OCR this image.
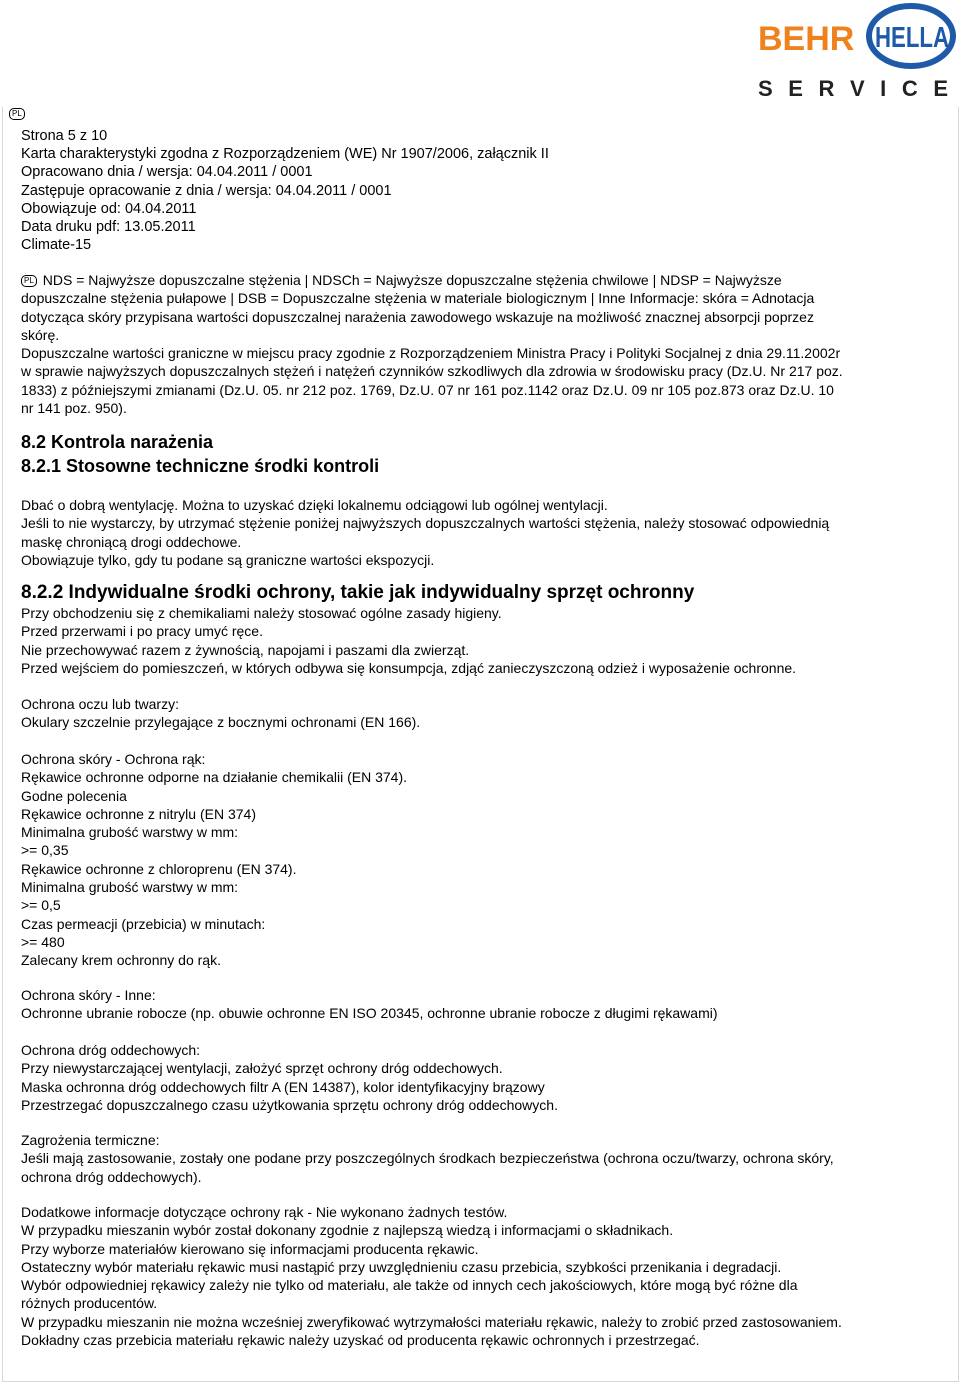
BEHR HELLA
S E R V I C E
PL
Strona 5 z 10
Karta charakterystyki zgodna z Rozporządzeniem (WE) Nr 1907/2006, załącznik II
Opracowano dnia / wersja: 04.04.2011 / 0001
Zastępuje opracowanie z dnia / wersja: 04.04.2011 / 0001
Obowiązuje od: 04.04.2011
Data druku pdf: 13.05.2011
Climate-15
PL NDS = Najwyższe dopuszczalne stężenia | NDSCh = Najwyższe dopuszczalne stężenia chwilowe | NDSP = Najwyższe
dopuszczalne stężenia pułapowe | DSB = Dopuszczalne stężenia w materiale biologicznym | Inne Informacje: skóra = Adnotacja
dotycząca skóry przypisana wartości dopuszczalnej narażenia zawodowego wskazuje na możliwość znacznej absorpcji poprzez
skórę.
Dopuszczalne wartości graniczne w miejscu pracy zgodnie z Rozporządzeniem Ministra Pracy i Polityki Socjalnej z dnia 29.11.2002r
w sprawie najwyższych dopuszczalnych stężeń i natężeń czynników szkodliwych dla zdrowia w środowisku pracy (Dz.U. Nr 217 poz.
1833) z późniejszymi zmianami (Dz.U. 05. nr 212 poz. 1769, Dz.U. 07 nr 161 poz.1142 oraz Dz.U. 09 nr 105 poz.873 oraz Dz.U. 10
nr 141 poz. 950).
8.2 Kontrola narażenia
8.2.1 Stosowne techniczne środki kontroli
Dbać o dobrą wentylację. Można to uzyskać dzięki lokalnemu odciągowi lub ogólnej wentylacji.
Jeśli to nie wystarczy, by utrzymać stężenie poniżej najwyższych dopuszczalnych wartości stężenia, należy stosować odpowiednią
maskę chroniącą drogi oddechowe.
Obowiązuje tylko, gdy tu podane są graniczne wartości ekspozycji.
8.2.2 Indywidualne środki ochrony, takie jak indywidualny sprzęt ochronny
Przy obchodzeniu się z chemikaliami należy stosować ogólne zasady higieny.
Przed przerwami i po pracy umyć ręce.
Nie przechowywać razem z żywnością, napojami i paszami dla zwierząt.
Przed wejściem do pomieszczeń, w których odbywa się konsumpcja, zdjąć zanieczyszczoną odzież i wyposażenie ochronne.
Ochrona oczu lub twarzy:
Okulary szczelnie przylegające z bocznymi ochronami (EN 166).
Ochrona skóry - Ochrona rąk:
Rękawice ochronne odporne na działanie chemikalii (EN 374).
Godne polecenia
Rękawice ochronne z nitrylu (EN 374)
Minimalna grubość warstwy w mm:
>= 0,35
Rękawice ochronne z chloroprenu (EN 374).
Minimalna grubość warstwy w mm:
>= 0,5
Czas permeacji (przebicia) w minutach:
>= 480
Zalecany krem ochronny do rąk.
Ochrona skóry - Inne:
Ochronne ubranie robocze (np. obuwie ochronne EN ISO 20345, ochronne ubranie robocze z długimi rękawami)
Ochrona dróg oddechowych:
Przy niewystarczającej wentylacji, założyć sprzęt ochrony dróg oddechowych.
Maska ochronna dróg oddechowych filtr A (EN 14387), kolor identyfikacyjny brązowy
Przestrzegać dopuszczalnego czasu użytkowania sprzętu ochrony dróg oddechowych.
Zagrożenia termiczne:
Jeśli mają zastosowanie, zostały one podane przy poszczególnych środkach bezpieczeństwa (ochrona oczu/twarzy, ochrona skóry,
ochrona dróg oddechowych).
Dodatkowe informacje dotyczące ochrony rąk - Nie wykonano żadnych testów.
W przypadku mieszanin wybór został dokonany zgodnie z najlepszą wiedzą i informacjami o składnikach.
Przy wyborze materiałów kierowano się informacjami producenta rękawic.
Ostateczny wybór materiału rękawic musi nastąpić przy uwzględnieniu czasu przebicia, szybkości przenikania i degradacji.
Wybór odpowiedniej rękawicy zależy nie tylko od materiału, ale także od innych cech jakościowych, które mogą być różne dla
różnych producentów.
W przypadku mieszanin nie można wcześniej zweryfikować wytrzymałości materiału rękawic, należy to zrobić przed zastosowaniem.
Dokładny czas przebicia materiału rękawic należy uzyskać od producenta rękawic ochronnych i przestrzegać.
